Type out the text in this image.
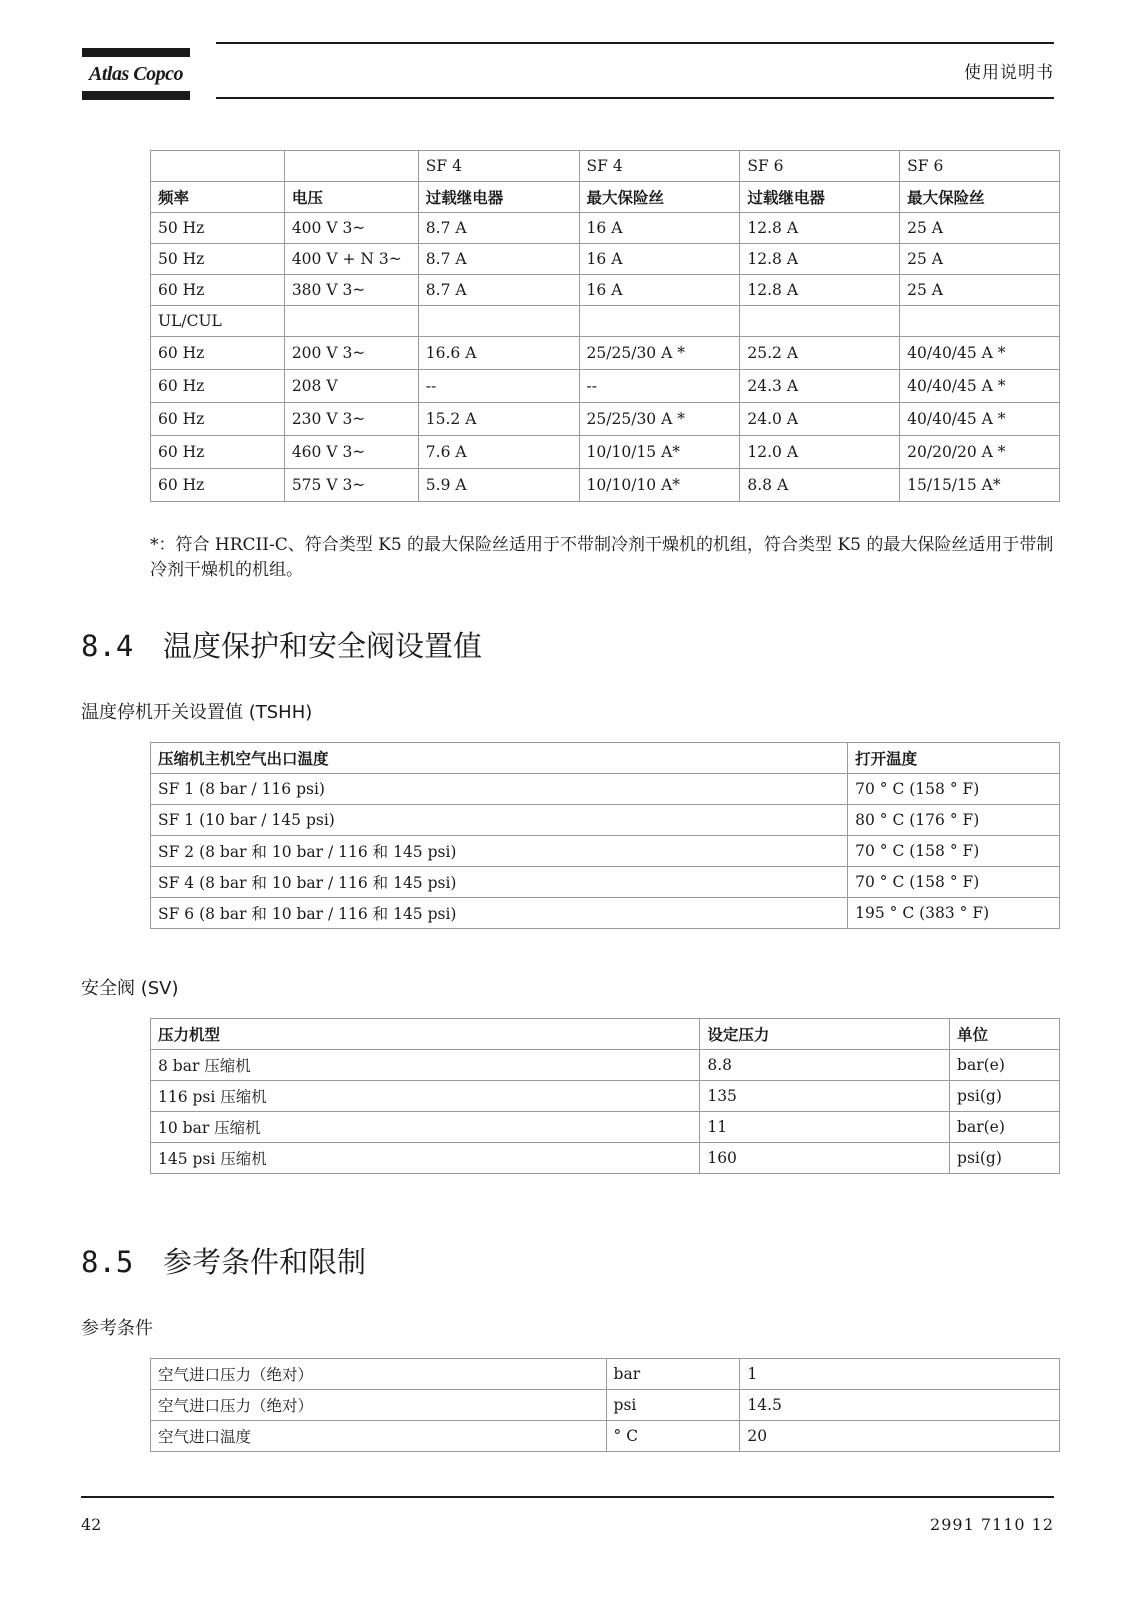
Atlas Copco	使用说明书
		SF 4	SF 4	SF 6	SF 6
频率	电压	过载继电器	最大保险丝	过载继电器	最大保险丝
50 Hz	400 V 3~	8.7 A	16 A	12.8 A	25 A
50 Hz	400 V + N 3~	8.7 A	16 A	12.8 A	25 A
60 Hz	380 V 3~	8.7 A	16 A	12.8 A	25 A
UL/CUL					
60 Hz	200 V 3~	16.6 A	25/25/30 A *	25.2 A	40/40/45 A *
60 Hz	208 V	--	--	24.3 A	40/40/45 A *
60 Hz	230 V 3~	15.2 A	25/25/30 A *	24.0 A	40/40/45 A *
60 Hz	460 V 3~	7.6 A	10/10/15 A*	12.0 A	20/20/20 A *
60 Hz	575 V 3~	5.9 A	10/10/10 A*	8.8 A	15/15/15 A*
*：符合 HRCII-C、符合类型 K5 的最大保险丝适用于不带制冷剂干燥机的机组，符合类型 K5 的最大保险丝适用于带制冷剂干燥机的机组。
8.4 温度保护和安全阀设置值
温度停机开关设置值 (TSHH)
压缩机主机空气出口温度	打开温度
SF 1 (8 bar / 116 psi)	70 ° C (158 ° F)
SF 1 (10 bar / 145 psi)	80 ° C (176 ° F)
SF 2 (8 bar 和 10 bar / 116 和 145 psi)	70 ° C (158 ° F)
SF 4 (8 bar 和 10 bar / 116 和 145 psi)	70 ° C (158 ° F)
SF 6 (8 bar 和 10 bar / 116 和 145 psi)	195 ° C (383 ° F)
安全阀 (SV)
压力机型	设定压力	单位
8 bar 压缩机	8.8	bar(e)
116 psi 压缩机	135	psi(g)
10 bar 压缩机	11	bar(e)
145 psi 压缩机	160	psi(g)
8.5 参考条件和限制
参考条件
空气进口压力（绝对）	bar	1
空气进口压力（绝对）	psi	14.5
空气进口温度	° C	20
42	2991 7110 12
